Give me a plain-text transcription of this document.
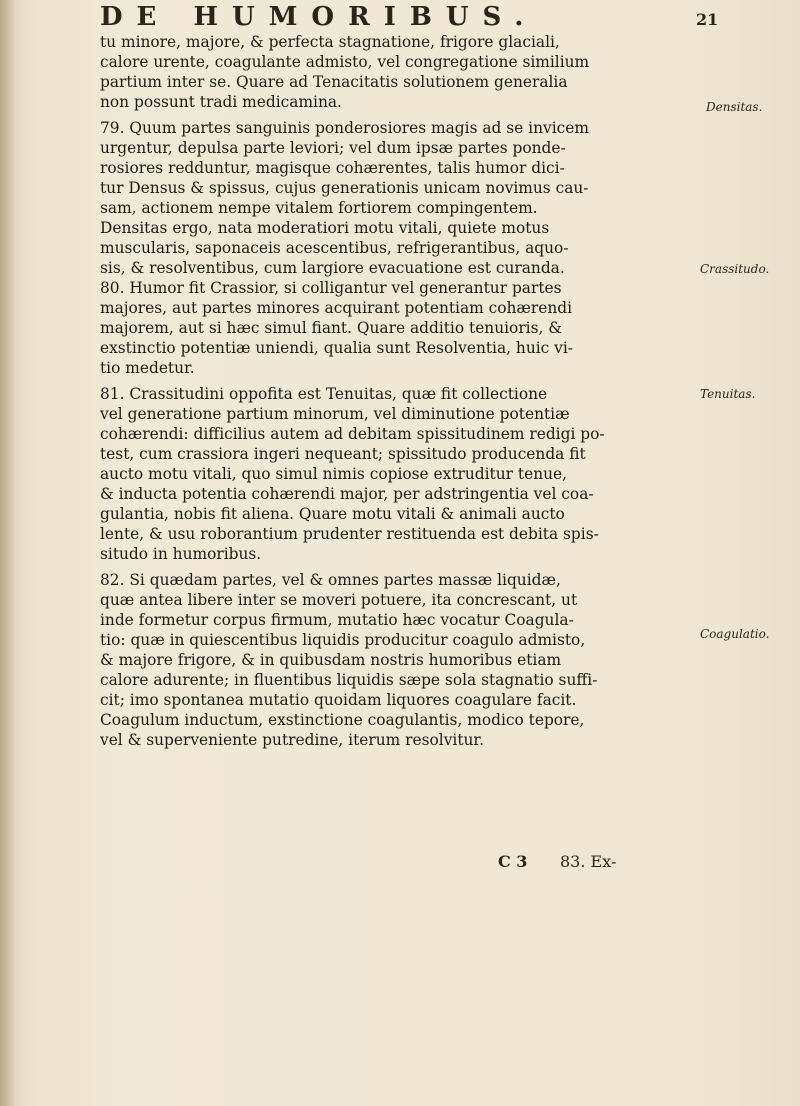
DE HUMORIBUS.	21
tu minore, majore, & perfecta stagnatione, frigore glaciali,
calore urente, coagulante admisto, vel congregatione similium
partium inter se. Quare ad Tenacitatis solutionem generalia
non possunt tradi medicamina.
79. Quum partes sanguinis ponderosiores magis ad se invicem
urgentur, depulsa parte leviori; vel dum ipsæ partes ponde-
rosiores redduntur, magisque cohærentes, talis humor dici-
tur Densus & spissus, cujus generationis unicam novimus cau-
sam, actionem nempe vitalem fortiorem compingentem.
Densitas ergo, nata moderatiori motu vitali, quiete motus
muscularis, saponaceis acescentibus, refrigerantibus, aquo-
sis, & resolventibus, cum largiore evacuatione est curanda.
80. Humor fit Crassior, si colligantur vel generantur partes
majores, aut partes minores acquirant potentiam cohærendi
majorem, aut si hæc simul fiant. Quare additio tenuioris, &
exstinctio potentiæ uniendi, qualia sunt Resolventia, huic vi-
tio medetur.
81. Crassitudini oppofita est Tenuitas, quæ fit collectione
vel generatione partium minorum, vel diminutione potentiæ
cohærendi: difficilius autem ad debitam spissitudinem redigi po-
test, cum crassiora ingeri nequeant; spissitudo producenda fit
aucto motu vitali, quo simul nimis copiose extruditur tenue,
& inducta potentia cohærendi major, per adstringentia vel coa-
gulantia, nobis fit aliena. Quare motu vitali & animali aucto
lente, & usu roborantium prudenter restituenda est debita spis-
situdo in humoribus.
82. Si quædam partes, vel & omnes partes massæ liquidæ,
quæ antea libere inter se moveri potuere, ita concrescant, ut
inde formetur corpus firmum, mutatio hæc vocatur Coagula-
tio: quæ in quiescentibus liquidis producitur coagulo admisto,
& majore frigore, & in quibusdam nostris humoribus etiam
calore adurente; in fluentibus liquidis sæpe sola stagnatio suffi-
cit; imo spontanea mutatio quoidam liquores coagulare facit.
Coagulum inductum, exstinctione coagulantis, modico tepore,
vel & superveniente putredine, iterum resolvitur.
Densitas.
Crassitudo.
Tenuitas.
Coagulatio.
C 3 83. Ex-
